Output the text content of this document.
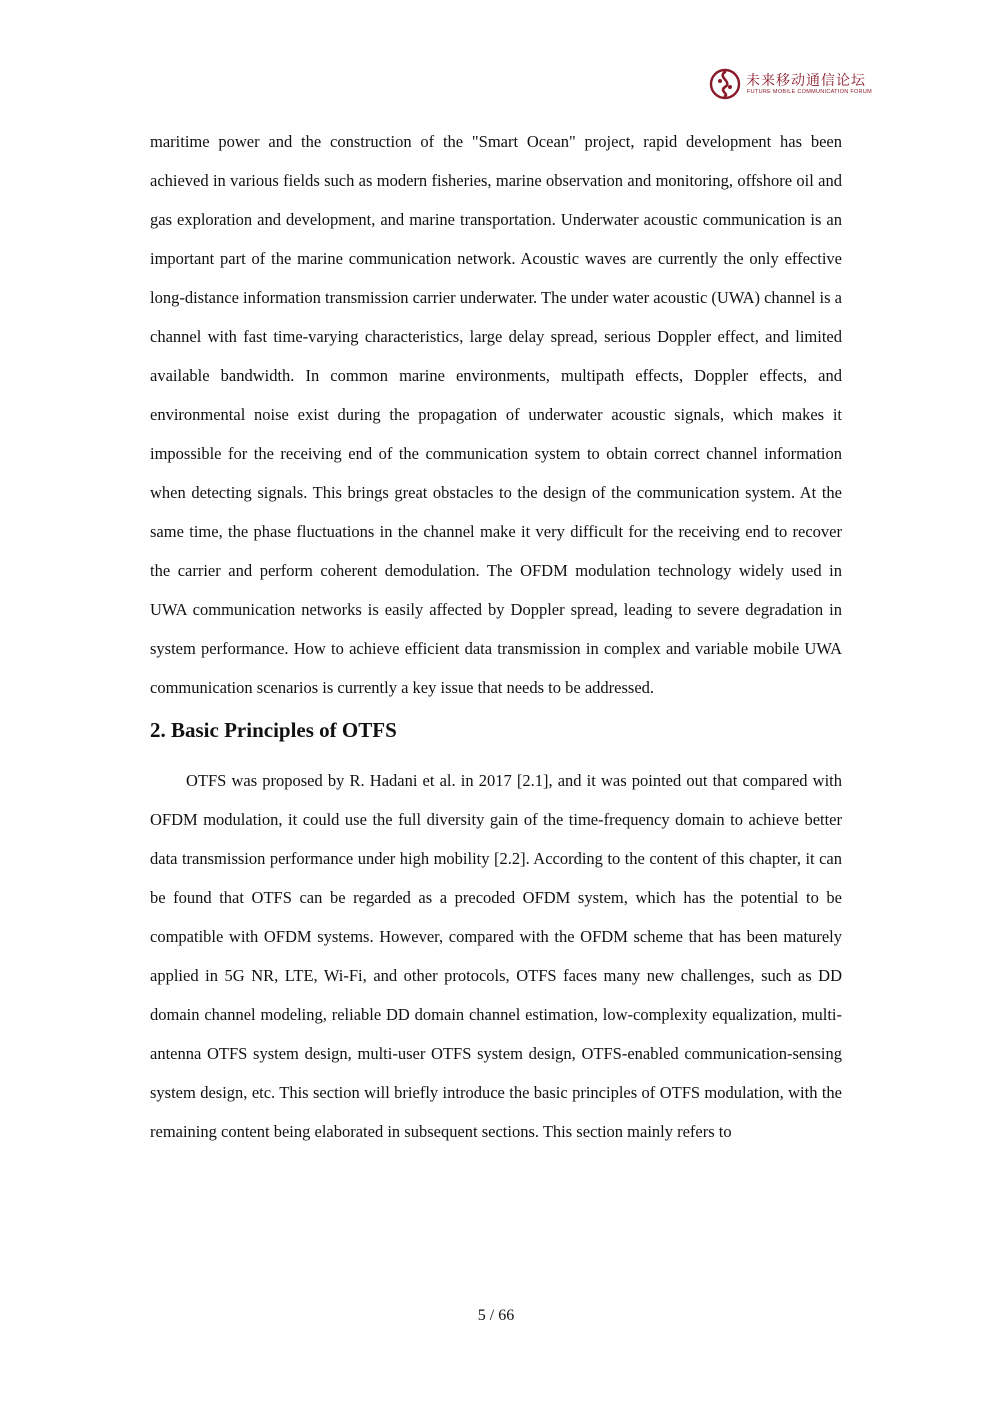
未来移动通信论坛
FUTURE MOBILE COMMUNICATION FORUM

maritime power and the construction of the "Smart Ocean" project, rapid development has been achieved in various fields such as modern fisheries, marine observation and monitoring, offshore oil and gas exploration and development, and marine transportation. Underwater acoustic communication is an important part of the marine communication network. Acoustic waves are currently the only effective long-distance information transmission carrier underwater. The under water acoustic (UWA) channel is a channel with fast time-varying characteristics, large delay spread, serious Doppler effect, and limited available bandwidth. In common marine environments, multipath effects, Doppler effects, and environmental noise exist during the propagation of underwater acoustic signals, which makes it impossible for the receiving end of the communication system to obtain correct channel information when detecting signals. This brings great obstacles to the design of the communication system. At the same time, the phase fluctuations in the channel make it very difficult for the receiving end to recover the carrier and perform coherent demodulation. The OFDM modulation technology widely used in UWA communication networks is easily affected by Doppler spread, leading to severe degradation in system performance. How to achieve efficient data transmission in complex and variable mobile UWA communication scenarios is currently a key issue that needs to be addressed.

2. Basic Principles of OTFS

OTFS was proposed by R. Hadani et al. in 2017 [2.1], and it was pointed out that compared with OFDM modulation, it could use the full diversity gain of the time-frequency domain to achieve better data transmission performance under high mobility [2.2]. According to the content of this chapter, it can be found that OTFS can be regarded as a precoded OFDM system, which has the potential to be compatible with OFDM systems. However, compared with the OFDM scheme that has been maturely applied in 5G NR, LTE, Wi-Fi, and other protocols, OTFS faces many new challenges, such as DD domain channel modeling, reliable DD domain channel estimation, low-complexity equalization, multi-antenna OTFS system design, multi-user OTFS system design, OTFS-enabled communication-sensing system design, etc. This section will briefly introduce the basic principles of OTFS modulation, with the remaining content being elaborated in subsequent sections. This section mainly refers to

5 / 66
